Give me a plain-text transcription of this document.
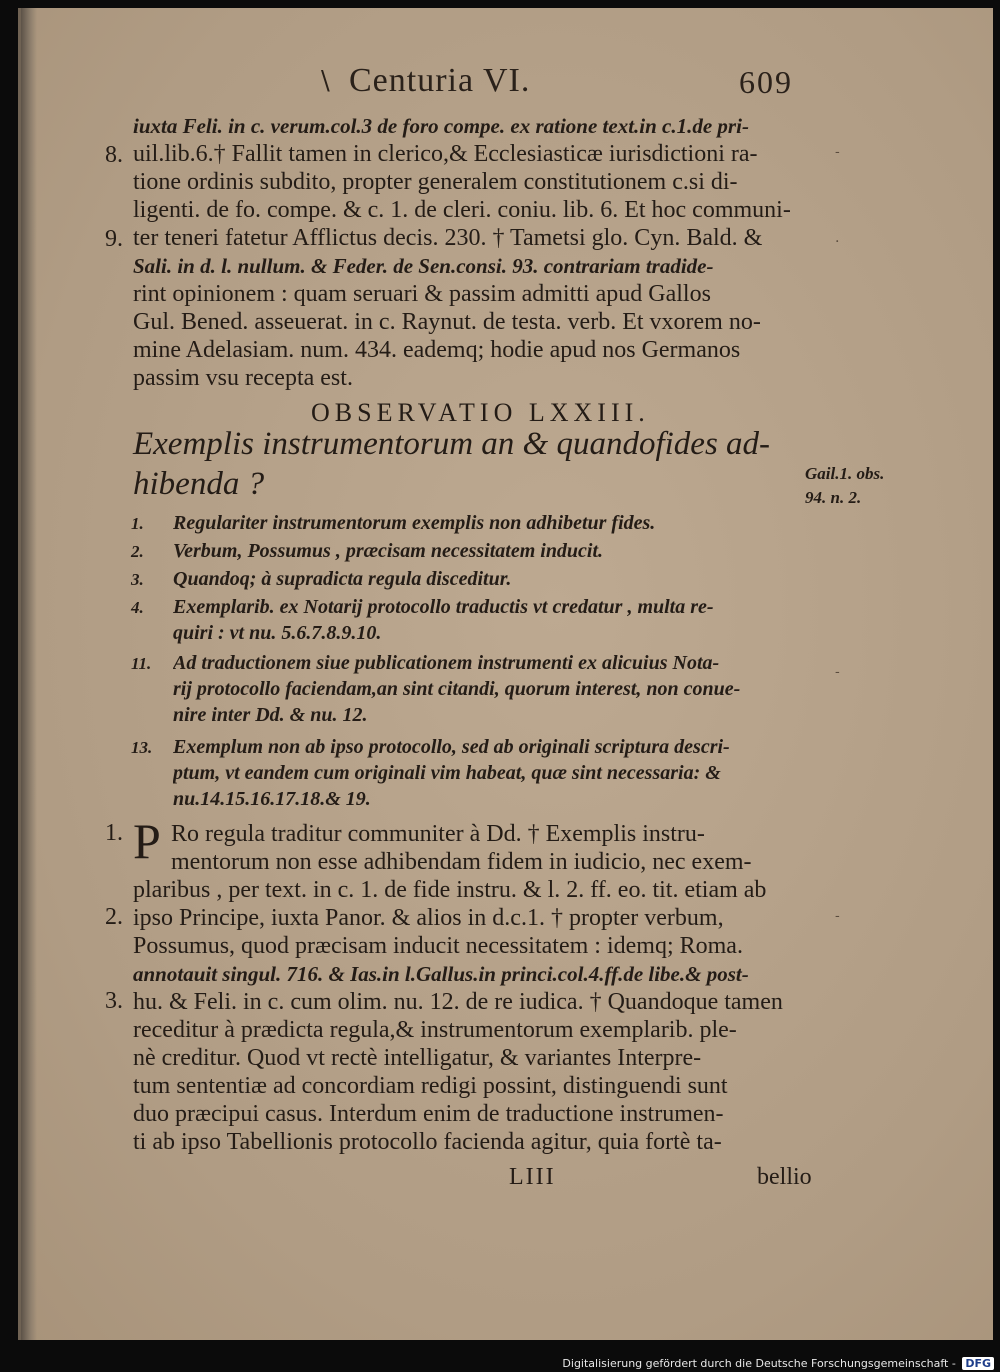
\ Centuria VI.	609
iuxta Feli. in c. verum.col.3 de foro compe. ex ratione text.in c.1.de pri-
uil.lib.6.† Fallit tamen in clerico,& Ecclesiasticæ iurisdictioni ra-
tione ordinis subdito, propter generalem constitutionem c.si di-
ligenti. de fo. compe. & c. 1. de cleri. coniu. lib. 6. Et hoc communi-
ter teneri fatetur Afflictus decis. 230. † Tametsi glo. Cyn. Bald. &
Sali. in d. l. nullum. & Feder. de Sen.consi. 93. contrariam tradide-
rint opinionem : quam seruari & passim admitti apud Gallos
Gul. Bened. asseuerat. in c. Raynut. de testa. verb. Et vxorem no-
mine Adelasiam. num. 434. eademq; hodie apud nos Germanos
passim vsu recepta est.
8.
9.
OBSERVATIO LXXIII.
Exemplis instrumentorum an & quandofides ad-
hibenda ?	Gail.1. obs.
94. n. 2.
1. Regulariter instrumentorum exemplis non adhibetur fides.
2. Verbum, Possumus , præcisam necessitatem inducit.
3. Quandoq; à supradicta regula disceditur.
4. Exemplarib. ex Notarij protocollo traductis vt credatur , multa re-
quiri : vt nu. 5.6.7.8.9.10.
11. Ad traductionem siue publicationem instrumenti ex alicuius Nota-
rij protocollo faciendam,an sint citandi, quorum interest, non conue-
nire inter Dd. & nu. 12.
13. Exemplum non ab ipso protocollo, sed ab originali scriptura descri-
ptum, vt eandem cum originali vim habeat, quæ sint necessaria: &
nu.14.15.16.17.18.& 19.
P Ro regula traditur communiter à Dd. † Exemplis instru-
mentorum non esse adhibendam fidem in iudicio, nec exem-
plaribus , per text. in c. 1. de fide instru. & l. 2. ff. eo. tit. etiam ab
ipso Principe, iuxta Panor. & alios in d.c.1. † propter verbum,
Possumus, quod præcisam inducit necessitatem : idemq; Roma.
annotauit singul. 716. & Ias.in l.Gallus.in princi.col.4.ff.de libe.& post-
hu. & Feli. in c. cum olim. nu. 12. de re iudica. † Quandoque tamen
receditur à prædicta regula,& instrumentorum exemplarib. ple-
nè creditur. Quod vt rectè intelligatur, & variantes Interpre-
tum sententiæ ad concordiam redigi possint, distinguendi sunt
duo præcipui casus. Interdum enim de traductione instrumen-
ti ab ipso Tabellionis protocollo facienda agitur, quia fortè ta-
1.
2.
3.
-
.
-
-
LIII	bellio
Digitalisierung gefördert durch die Deutsche Forschungsgemeinschaft - DFG
